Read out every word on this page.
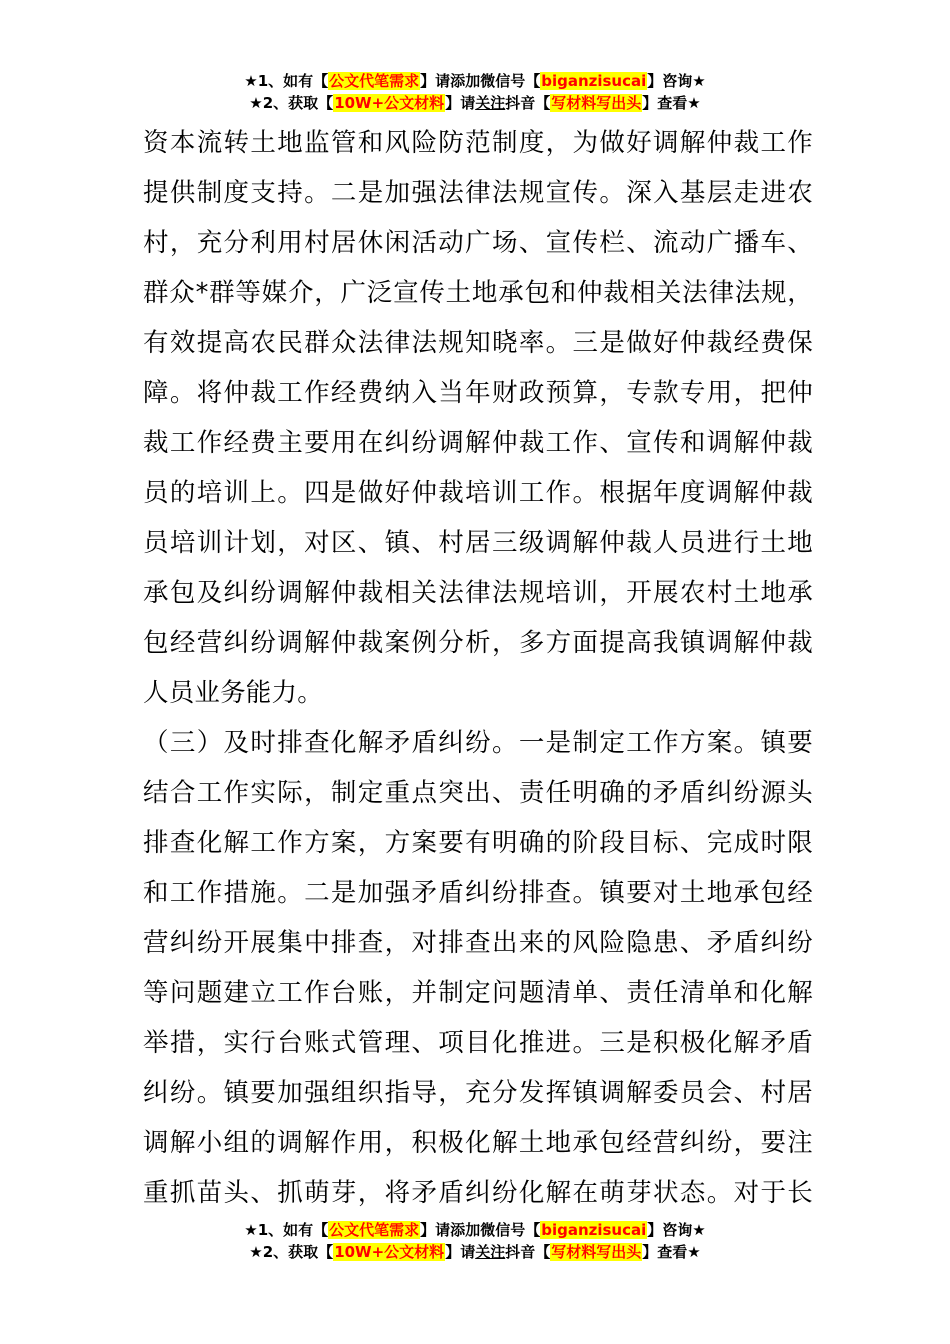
★1、如有【公文代笔需求】请添加微信号【biganzisucai】咨询★
★2、获取【10W+公文材料】请关注抖音【写材料写出头】查看★
资本流转土地监管和风险防范制度，为做好调解仲裁工作
提供制度支持。二是加强法律法规宣传。深入基层走进农
村，充分利用村居休闲活动广场、宣传栏、流动广播车、
群众*群等媒介，广泛宣传土地承包和仲裁相关法律法规，
有效提高农民群众法律法规知晓率。三是做好仲裁经费保
障。将仲裁工作经费纳入当年财政预算，专款专用，把仲
裁工作经费主要用在纠纷调解仲裁工作、宣传和调解仲裁
员的培训上。四是做好仲裁培训工作。根据年度调解仲裁
员培训计划，对区、镇、村居三级调解仲裁人员进行土地
承包及纠纷调解仲裁相关法律法规培训，开展农村土地承
包经营纠纷调解仲裁案例分析，多方面提高我镇调解仲裁
人员业务能力。
（三）及时排查化解矛盾纠纷。一是制定工作方案。镇要
结合工作实际，制定重点突出、责任明确的矛盾纠纷源头
排查化解工作方案，方案要有明确的阶段目标、完成时限
和工作措施。二是加强矛盾纠纷排查。镇要对土地承包经
营纠纷开展集中排查，对排查出来的风险隐患、矛盾纠纷
等问题建立工作台账，并制定问题清单、责任清单和化解
举措，实行台账式管理、项目化推进。三是积极化解矛盾
纠纷。镇要加强组织指导，充分发挥镇调解委员会、村居
调解小组的调解作用，积极化解土地承包经营纠纷，要注
重抓苗头、抓萌芽，将矛盾纠纷化解在萌芽状态。对于长
★1、如有【公文代笔需求】请添加微信号【biganzisucai】咨询★
★2、获取【10W+公文材料】请关注抖音【写材料写出头】查看★
